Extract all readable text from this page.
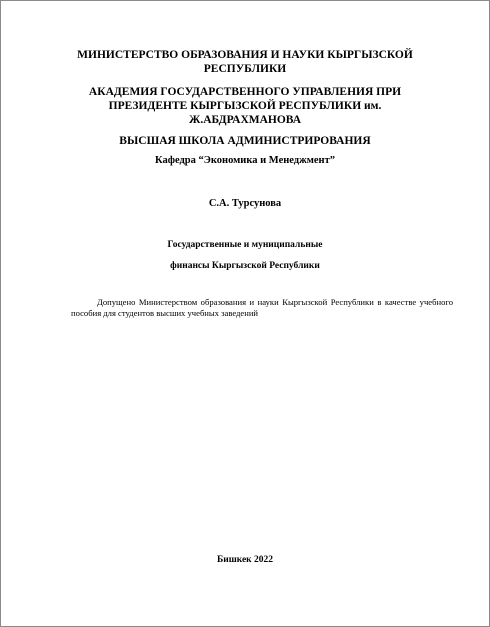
МИНИСТЕРСТВО ОБРАЗОВАНИЯ И НАУКИ КЫРГЫЗСКОЙ
РЕСПУБЛИКИ
АКАДЕМИЯ ГОСУДАРСТВЕННОГО УПРАВЛЕНИЯ ПРИ
ПРЕЗИДЕНТЕ КЫРГЫЗСКОЙ РЕСПУБЛИКИ им.
Ж.АБДРАХМАНОВА
ВЫСШАЯ ШКОЛА АДМИНИСТРИРОВАНИЯ
Кафедра “Экономика и Менеджмент”
С.А. Турсунова
Государственные и муниципальные
финансы Кыргызской Республики
Допущено Министерством образования и науки Кыргызской Республики в качестве учебного пособия для студентов высших учебных заведений
Бишкек 2022
